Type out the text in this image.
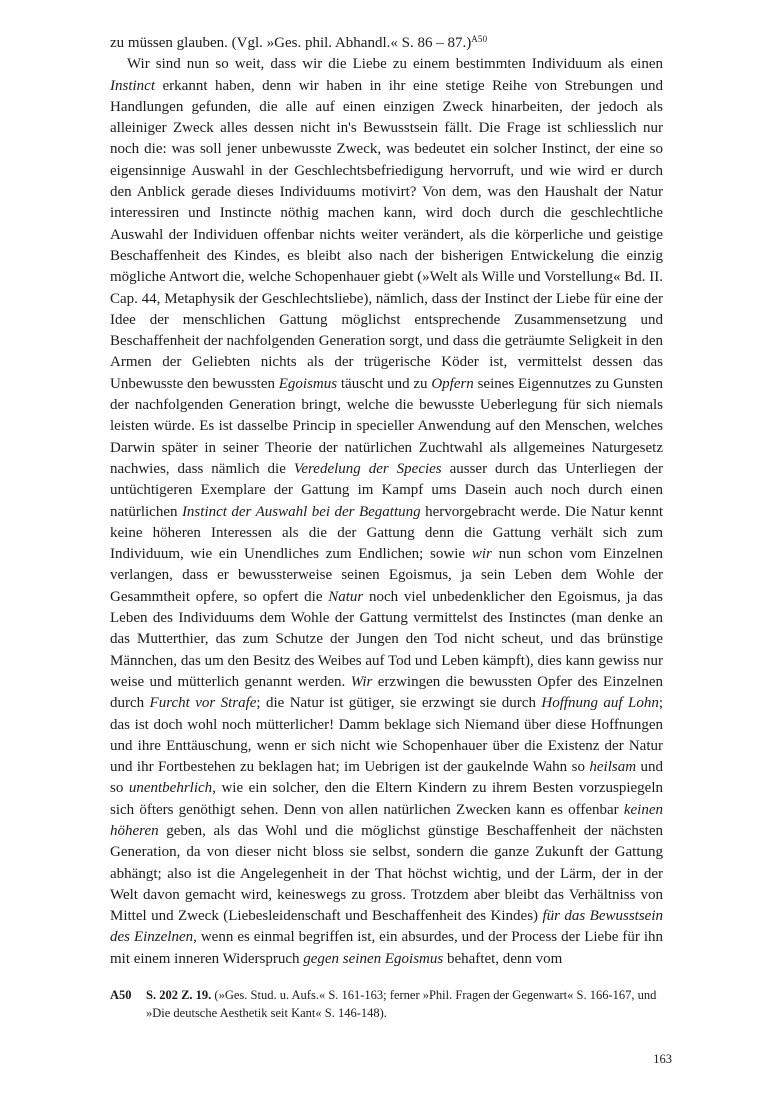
zu müssen glauben. (Vgl. »Ges. phil. Abhandl.« S. 86 – 87.)$^{A50}$

Wir sind nun so weit, dass wir die Liebe zu einem bestimmten Individuum als einen Instinct erkannt haben, denn wir haben in ihr eine stetige Reihe von Strebungen und Handlungen gefunden, die alle auf einen einzigen Zweck hinarbeiten, der jedoch als alleiniger Zweck alles dessen nicht in's Bewusstsein fällt. Die Frage ist schliesslich nur noch die: was soll jener unbewusste Zweck, was bedeutet ein solcher Instinct, der eine so eigensinnige Auswahl in der Geschlechtsbefriedigung hervorruft, und wie wird er durch den Anblick gerade dieses Individuums motivirt? Von dem, was den Haushalt der Natur interessiren und Instincte nöthig machen kann, wird doch durch die geschlechtliche Auswahl der Individuen offenbar nichts weiter verändert, als die körperliche und geistige Beschaffenheit des Kindes, es bleibt also nach der bisherigen Entwickelung die einzig mögliche Antwort die, welche Schopenhauer giebt (»Welt als Wille und Vorstellung« Bd. II. Cap. 44, Metaphysik der Geschlechtsliebe), nämlich, dass der Instinct der Liebe für eine der Idee der menschlichen Gattung möglichst entsprechende Zusammensetzung und Beschaffenheit der nachfolgenden Generation sorgt, und dass die geträumte Seligkeit in den Armen der Geliebten nichts als der trügerische Köder ist, vermittelst dessen das Unbewusste den bewussten Egoismus täuscht und zu Opfern seines Eigennutzes zu Gunsten der nachfolgenden Generation bringt, welche die bewusste Ueberlegung für sich niemals leisten würde. Es ist dasselbe Princip in specieller Anwendung auf den Menschen, welches Darwin später in seiner Theorie der natürlichen Zuchtwahl als allgemeines Naturgesetz nachwies, dass nämlich die Veredelung der Species ausser durch das Unterliegen der untüchtigeren Exemplare der Gattung im Kampf ums Dasein auch noch durch einen natürlichen Instinct der Auswahl bei der Begattung hervorgebracht werde. Die Natur kennt keine höheren Interessen als die der Gattung denn die Gattung verhält sich zum Individuum, wie ein Unendliches zum Endlichen; sowie wir nun schon vom Einzelnen verlangen, dass er bewussterweise seinen Egoismus, ja sein Leben dem Wohle der Gesammtheit opfere, so opfert die Natur noch viel unbedenklicher den Egoismus, ja das Leben des Individuums dem Wohle der Gattung vermittelst des Instinctes (man denke an das Mutterthier, das zum Schutze der Jungen den Tod nicht scheut, und das brünstige Männchen, das um den Besitz des Weibes auf Tod und Leben kämpft), dies kann gewiss nur weise und mütterlich genannt werden. Wir erzwingen die bewussten Opfer des Einzelnen durch Furcht vor Strafe; die Natur ist gütiger, sie erzwingt sie durch Hoffnung auf Lohn; das ist doch wohl noch mütterlicher! Damm beklage sich Niemand über diese Hoffnungen und ihre Enttäuschung, wenn er sich nicht wie Schopenhauer über die Existenz der Natur und ihr Fortbestehen zu beklagen hat; im Uebrigen ist der gaukelnde Wahn so heilsam und so unentbehrlich, wie ein solcher, den die Eltern Kindern zu ihrem Besten vorzuspiegeln sich öfters genöthigt sehen. Denn von allen natürlichen Zwecken kann es offenbar keinen höheren geben, als das Wohl und die möglichst günstige Beschaffenheit der nächsten Generation, da von dieser nicht bloss sie selbst, sondern die ganze Zukunft der Gattung abhängt; also ist die Angelegenheit in der That höchst wichtig, und der Lärm, der in der Welt davon gemacht wird, keineswegs zu gross. Trotzdem aber bleibt das Verhältniss von Mittel und Zweck (Liebesleidenschaft und Beschaffenheit des Kindes) für das Bewusstsein des Einzelnen, wenn es einmal begriffen ist, ein absurdes, und der Process der Liebe für ihn mit einem inneren Widerspruch gegen seinen Egoismus behaftet, denn vom

A50 S. 202 Z. 19. (»Ges. Stud. u. Aufs.« S. 161-163; ferner »Phil. Fragen der Gegenwart« S. 166-167, und »Die deutsche Aesthetik seit Kant« S. 146-148).
163
